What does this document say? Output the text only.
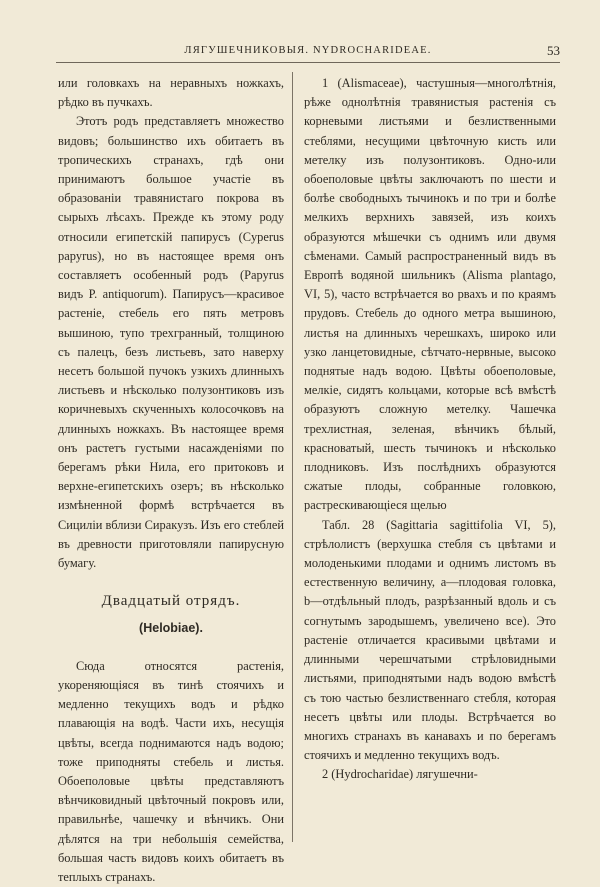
ЛЯГУШЕЧНИКОВЫЯ. NYDROCHARIDEAE.	53

или головкахъ на неравныхъ ножкахъ, рѣдко въ пучкахъ.

Этотъ родъ представляетъ множество видовъ; большинство ихъ обитаетъ въ тропическихъ странахъ, гдѣ они принимаютъ большое участіе въ образованіи травянистаго покрова въ сырыхъ лѣсахъ. Прежде къ этому роду относили египетскій папирусъ (Cyperus papyrus), но въ настоящее время онъ составляетъ особенный родъ (Papyrus видъ P. antiquorum). Папирусъ—красивое растеніе, стебель его пять метровъ вышиною, тупо трехгранный, толщиною съ палецъ, безъ листьевъ, зато наверху несетъ большой пучокъ узкихъ длинныхъ листьевъ и нѣсколько полузонтиковъ изъ коричневыхъ скученныхъ колосочковъ на длинныхъ ножкахъ. Въ настоящее время онъ растетъ густыми насажденіями по берегамъ рѣки Нила, его притоковъ и верхне-египетскихъ озеръ; въ нѣсколько измѣненной формѣ встрѣчается въ Сициліи вблизи Сиракузъ. Изъ его стеблей въ древности приготовляли папирусную бумагу.

Двадцатый отрядъ.
(Helobiae).

Сюда относятся растенія, укореняющіяся въ тинѣ стоячихъ и медленно текущихъ водъ и рѣдко плавающія на водѣ. Части ихъ, несущія цвѣты, всегда поднимаются надъ водою; тоже приподняты стебель и листья. Обоеполовые цвѣты представляютъ вѣнчиковидный цвѣточный покровъ или, правильнѣе, чашечку и вѣнчикъ. Они дѣлятся на три небольшія семейства, большая часть видовъ коихъ обитаетъ въ теплыхъ странахъ.

1 (Alismaceae), частушныя—многолѣтнія, рѣже однолѣтнія травянистыя растенія съ корневыми листьями и безлиственными стеблями, несущими цвѣточную кисть или метелку изъ полузонтиковъ. Одно-или обоеполовые цвѣты заключаютъ по шести и болѣе свободныхъ тычинокъ и по три и болѣе мелкихъ верхнихъ завязей, изъ коихъ образуются мѣшечки съ однимъ или двумя сѣменами. Самый распространенный видъ въ Европѣ водяной шильникъ (Alisma plantago, VI, 5), часто встрѣчается во рвахъ и по краямъ прудовъ. Стебель до одного метра вышиною, листья на длинныхъ черешкахъ, широко или узко ланцетовидные, сѣтчато-нервные, высоко поднятые надъ водою. Цвѣты обоеполовые, мелкіе, сидятъ кольцами, которые всѣ вмѣстѣ образуютъ сложную метелку. Чашечка трехлистная, зеленая, вѣнчикъ бѣлый, красноватый, шесть тычинокъ и нѣсколько плодниковъ. Изъ послѣднихъ образуются сжатые плоды, собранные головкою, растрескивающіеся щелью

Табл. 28 (Sagittaria sagittifolia VI, 5), стрѣлолистъ (верхушка стебля съ цвѣтами и молоденькими плодами и однимъ листомъ въ естественную величину, a—плодовая головка, b—отдѣльный плодъ, разрѣзанный вдоль и съ согнутымъ зародышемъ, увеличено все). Это растеніе отличается красивыми цвѣтами и длинными черешчатыми стрѣловидными листьями, приподнятыми надъ водою вмѣстѣ съ тою частью безлиственнаго стебля, которая несетъ цвѣты или плоды. Встрѣчается во многихъ странахъ въ канавахъ и по берегамъ стоячихъ и медленно текущихъ водъ.

2 (Hydrocharidae) лягушечни-
